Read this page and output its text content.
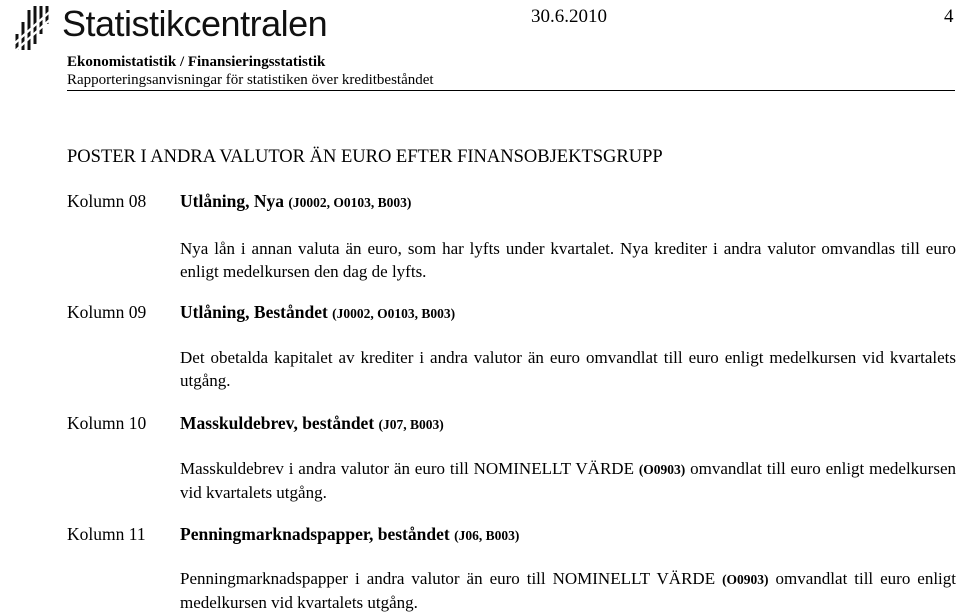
Statistikcentralen	30.6.2010	4
Ekonomistatistik / Finansieringsstatistik
Rapporteringsanvisningar för statistiken över kreditbeståndet
POSTER I ANDRA VALUTOR ÄN EURO EFTER FINANSOBJEKTSGRUPP
Kolumn 08 Utlåning, Nya (J0002, O0103, B003)
Nya lån i annan valuta än euro, som har lyfts under kvartalet. Nya krediter i andra valutor omvandlas till euro enligt medelkursen den dag de lyfts.
Kolumn 09 Utlåning, Beståndet (J0002, O0103, B003)
Det obetalda kapitalet av krediter i andra valutor än euro omvandlat till euro enligt medelkursen vid kvartalets utgång.
Kolumn 10 Masskuldebrev, beståndet (J07, B003)
Masskuldebrev i andra valutor än euro till NOMINELLT VÄRDE (O0903) omvandlat till euro enligt medelkursen vid kvartalets utgång.
Kolumn 11 Penningmarknadspapper, beståndet (J06, B003)
Penningmarknadspapper i andra valutor än euro till NOMINELLT VÄRDE (O0903) omvandlat till euro enligt medelkursen vid kvartalets utgång.
